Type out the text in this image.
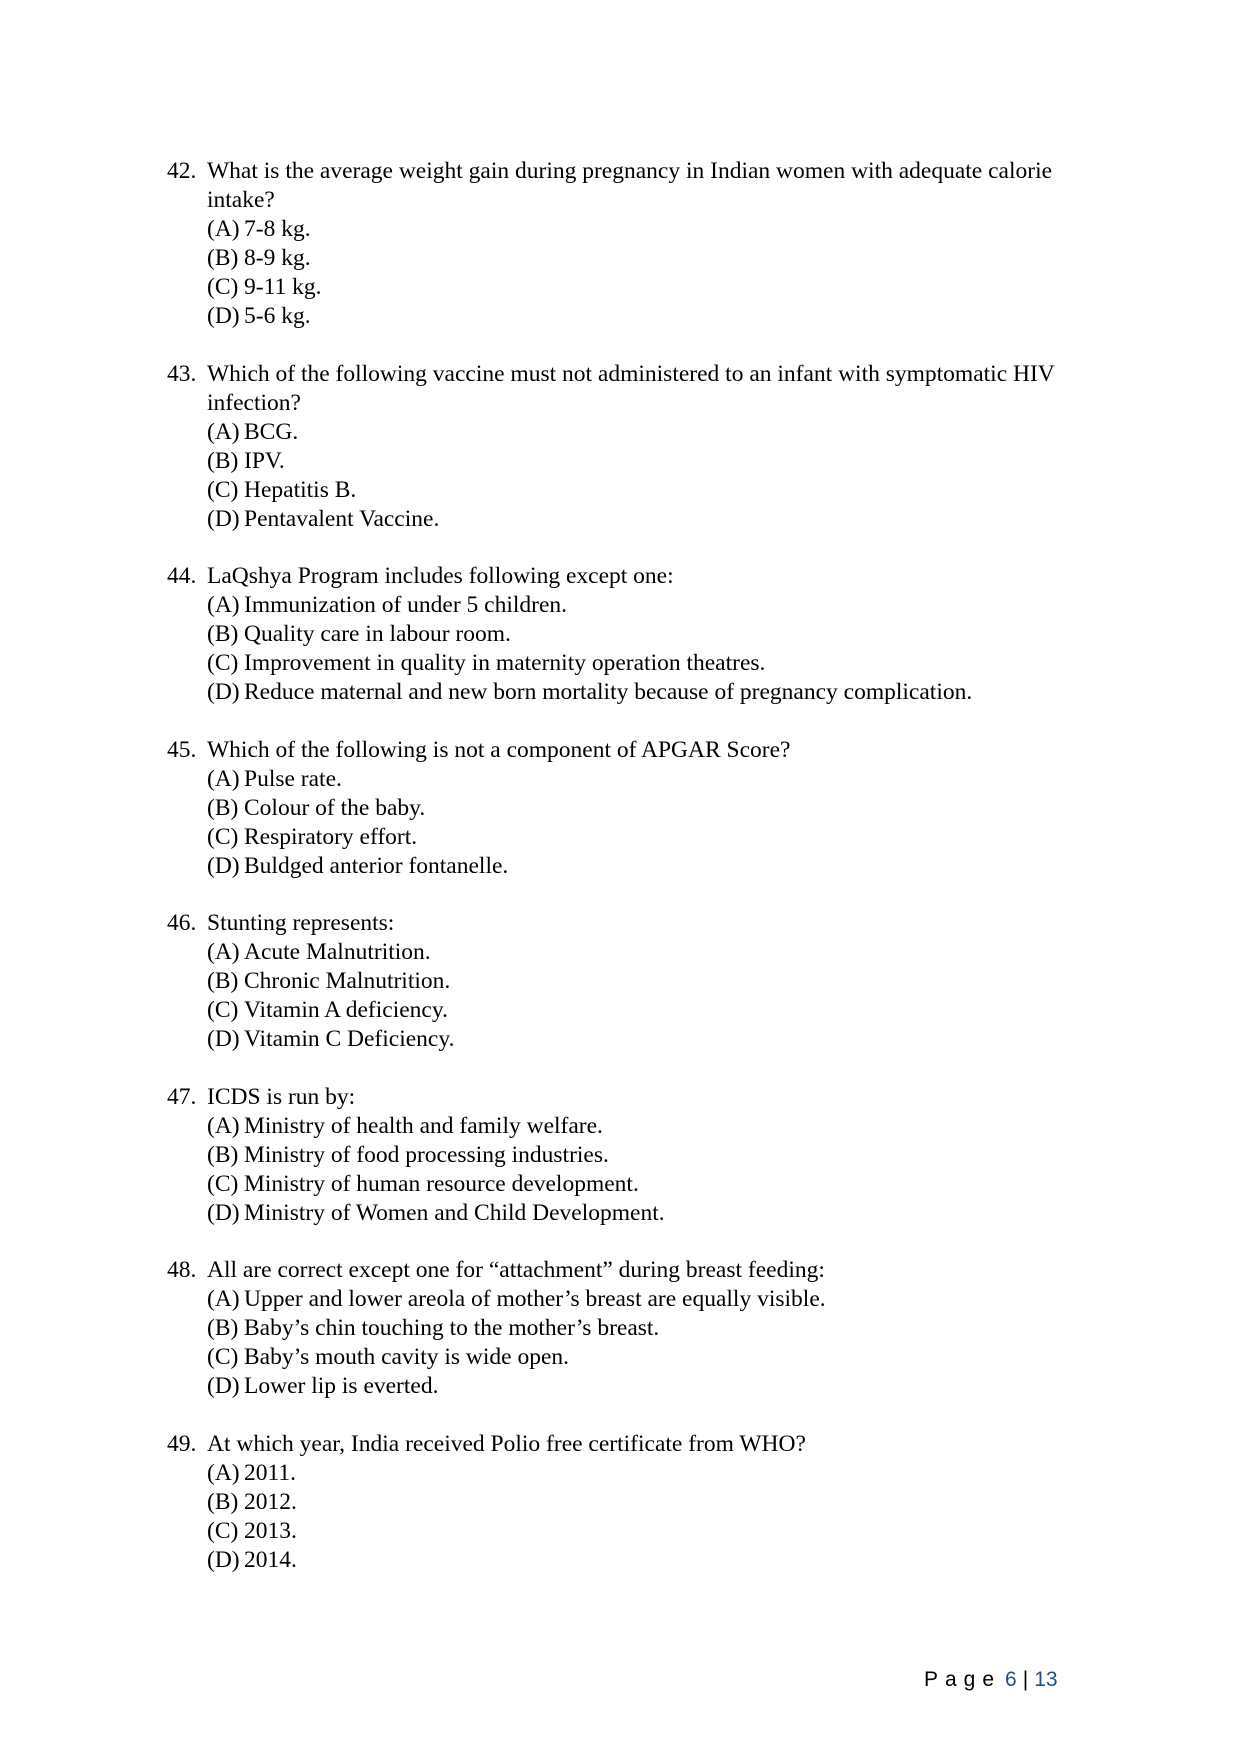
42. What is the average weight gain during pregnancy in Indian women with adequate calorie intake?
(A) 7-8 kg.
(B) 8-9 kg.
(C) 9-11 kg.
(D) 5-6 kg.
43. Which of the following vaccine must not administered to an infant with symptomatic HIV infection?
(A) BCG.
(B) IPV.
(C) Hepatitis B.
(D) Pentavalent Vaccine.
44. LaQshya Program includes following except one:
(A) Immunization of under 5 children.
(B) Quality care in labour room.
(C) Improvement in quality in maternity operation theatres.
(D) Reduce maternal and new born mortality because of pregnancy complication.
45. Which of the following is not a component of APGAR Score?
(A) Pulse rate.
(B) Colour of the baby.
(C) Respiratory effort.
(D) Buldged anterior fontanelle.
46. Stunting represents:
(A) Acute Malnutrition.
(B) Chronic Malnutrition.
(C) Vitamin A deficiency.
(D) Vitamin C Deficiency.
47. ICDS is run by:
(A) Ministry of health and family welfare.
(B) Ministry of food processing industries.
(C) Ministry of human resource development.
(D) Ministry of Women and Child Development.
48. All are correct except one for “attachment” during breast feeding:
(A) Upper and lower areola of mother’s breast are equally visible.
(B) Baby’s chin touching to the mother’s breast.
(C) Baby’s mouth cavity is wide open.
(D) Lower lip is everted.
49. At which year, India received Polio free certificate from WHO?
(A) 2011.
(B) 2012.
(C) 2013.
(D) 2014.
Page 6 | 13
